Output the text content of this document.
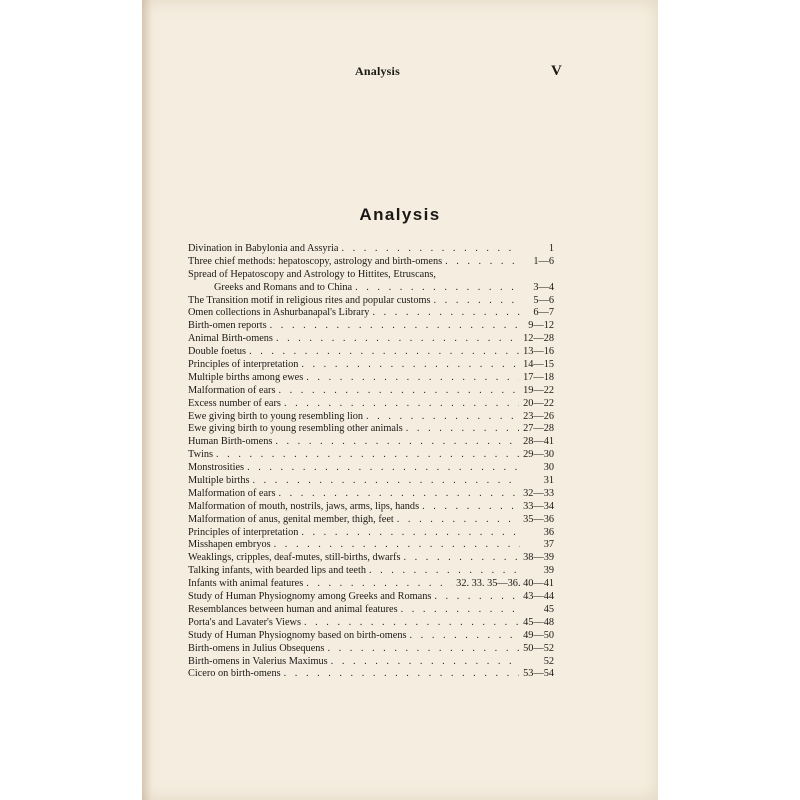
Analysis	V
Analysis
Divination in Babylonia and Assyria . . .	1
Three chief methods: hepatoscopy, astrology and birth-omens . . .	1—6
Spread of Hepatoscopy and Astrology to Hittites, Etruscans,
Greeks and Romans and to China . . .	3—4
The Transition motif in religious rites and popular customs . . .	5—6
Omen collections in Ashurbanapal's Library . . .	6—7
Birth-omen reports . . .	9—12
Animal Birth-omens . . .	12—28
Double foetus . . .	13—16
Principles of interpretation . . .	14—15
Multiple births among ewes . . .	17—18
Malformation of ears . . .	19—22
Excess number of ears . . .	20—22
Ewe giving birth to young resembling lion . . .	23—26
Ewe giving birth to young resembling other animals . . .	27—28
Human Birth-omens . . .	28—41
Twins . . .	29—30
Monstrosities . . .	30
Multiple births . . .	31
Malformation of ears . . .	32—33
Malformation of mouth, nostrils, jaws, arms, lips, hands . . .	33—34
Malformation of anus, genital member, thigh, feet . . .	35—36
Principles of interpretation . . .	36
Misshapen embryos . . .	37
Weaklings, cripples, deaf-mutes, still-births, dwarfs . . .	38—39
Talking infants, with bearded lips and teeth . . .	39
Infants with animal features . . .	32. 33. 35—36. 40—41
Study of Human Physiognomy among Greeks and Romans . . .	43—44
Resemblances between human and animal features . . .	45
Porta's and Lavater's Views . . .	45—48
Study of Human Physiognomy based on birth-omens . . .	49—50
Birth-omens in Julius Obsequens . . .	50—52
Birth-omens in Valerius Maximus . . .	52
Cicero on birth-omens . . .	53—54
